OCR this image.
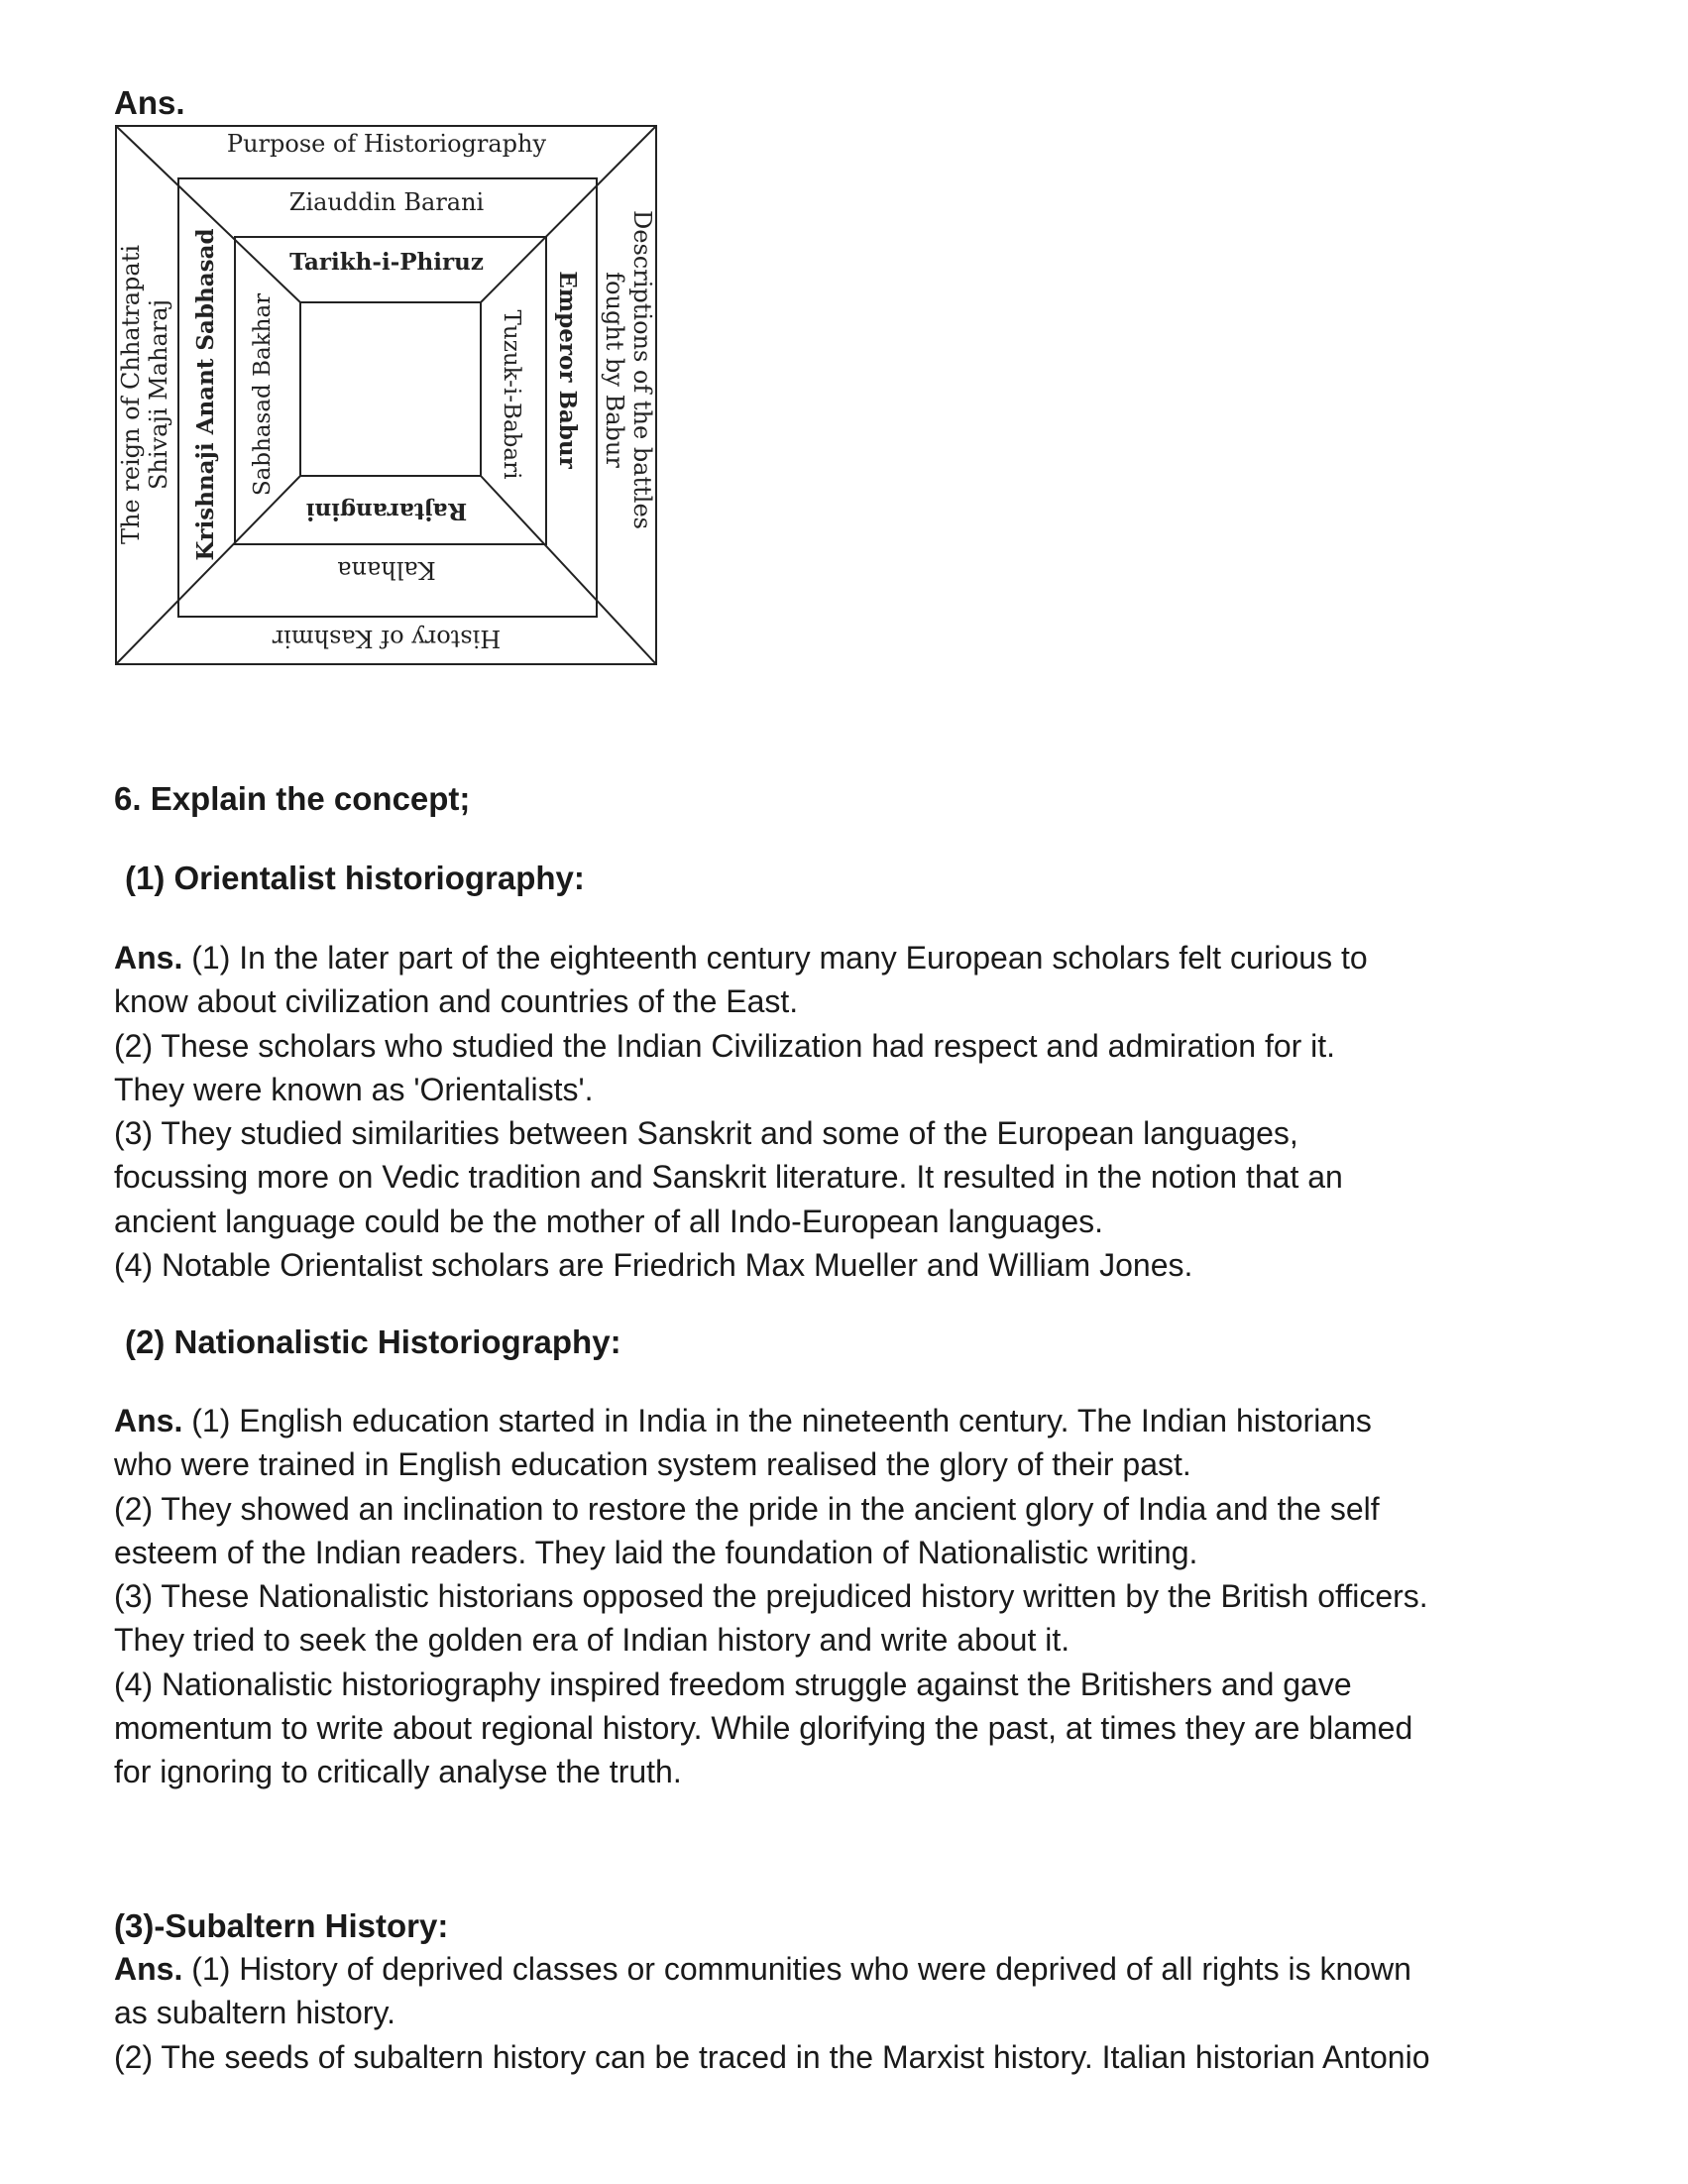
Ans.
Purpose of Historiography
Ziauddin Barani
Tarikh-i-Phiruz
The reign of Chhatrapati Shivaji Maharaj Krishnaji Anant Sabhasad Sabhasad Bakhar	Descriptions of the battles
fought by Babur
Emperor Babur
Tuzuk-i-Babari
Rajtarangini
Kalhana
History of Kashmir
6. Explain the concept;
(1) Orientalist historiography:
Ans. (1) In the later part of the eighteenth century many European scholars felt curious to
know about civilization and countries of the East.
(2) These scholars who studied the Indian Civilization had respect and admiration for it.
They were known as 'Orientalists'.
(3) They studied similarities between Sanskrit and some of the European languages,
focussing more on Vedic tradition and Sanskrit literature. It resulted in the notion that an
ancient language could be the mother of all Indo-European languages.
(4) Notable Orientalist scholars are Friedrich Max Mueller and William Jones.
(2) Nationalistic Historiography:
Ans. (1) English education started in India in the nineteenth century. The Indian historians
who were trained in English education system realised the glory of their past.
(2) They showed an inclination to restore the pride in the ancient glory of India and the self
esteem of the Indian readers. They laid the foundation of Nationalistic writing.
(3) These Nationalistic historians opposed the prejudiced history written by the British officers.
They tried to seek the golden era of Indian history and write about it.
(4) Nationalistic historiography inspired freedom struggle against the Britishers and gave
momentum to write about regional history. While glorifying the past, at times they are blamed
for ignoring to critically analyse the truth.
(3)-Subaltern History:
Ans. (1) History of deprived classes or communities who were deprived of all rights is known
as subaltern history.
(2) The seeds of subaltern history can be traced in the Marxist history. Italian historian Antonio
